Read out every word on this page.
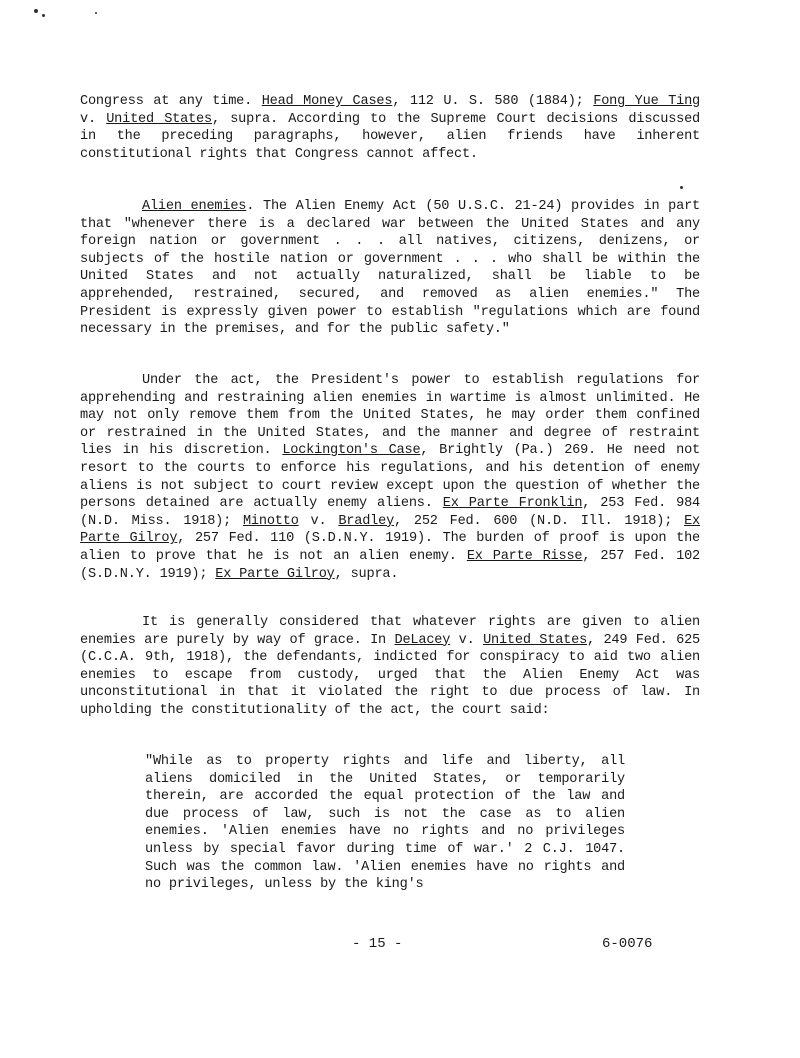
Congress at any time. Head Money Cases, 112 U. S. 580 (1884); Fong Yue Ting v. United States, supra. According to the Supreme Court decisions discussed in the preceding paragraphs, however, alien friends have inherent constitutional rights that Congress cannot affect.

Alien enemies. The Alien Enemy Act (50 U.S.C. 21-24) provides in part that "whenever there is a declared war between the United States and any foreign nation or government . . . all natives, citizens, denizens, or subjects of the hostile nation or government . . . who shall be within the United States and not actually naturalized, shall be liable to be apprehended, restrained, secured, and removed as alien enemies." The President is expressly given power to establish "regulations which are found necessary in the premises, and for the public safety."

Under the act, the President's power to establish regulations for apprehending and restraining alien enemies in wartime is almost unlimited. He may not only remove them from the United States, he may order them confined or restrained in the United States, and the manner and degree of restraint lies in his discretion. Lockington's Case, Brightly (Pa.) 269. He need not resort to the courts to enforce his regulations, and his detention of enemy aliens is not subject to court review except upon the question of whether the persons detained are actually enemy aliens. Ex Parte Fronklin, 253 Fed. 984 (N.D. Miss. 1918); Minotto v. Bradley, 252 Fed. 600 (N.D. Ill. 1918); Ex Parte Gilroy, 257 Fed. 110 (S.D.N.Y. 1919). The burden of proof is upon the alien to prove that he is not an alien enemy. Ex Parte Risse, 257 Fed. 102 (S.D.N.Y. 1919); Ex Parte Gilroy, supra.

It is generally considered that whatever rights are given to alien enemies are purely by way of grace. In DeLacey v. United States, 249 Fed. 625 (C.C.A. 9th, 1918), the defendants, indicted for conspiracy to aid two alien enemies to escape from custody, urged that the Alien Enemy Act was unconstitutional in that it violated the right to due process of law. In upholding the constitutionality of the act, the court said:

"While as to property rights and life and liberty, all aliens domiciled in the United States, or temporarily therein, are accorded the equal protection of the law and due process of law, such is not the case as to alien enemies. 'Alien enemies have no rights and no privileges unless by special favor during time of war.' 2 C.J. 1047. Such was the common law. 'Alien enemies have no rights and no privileges, unless by the king's

- 15 -	6-0076
